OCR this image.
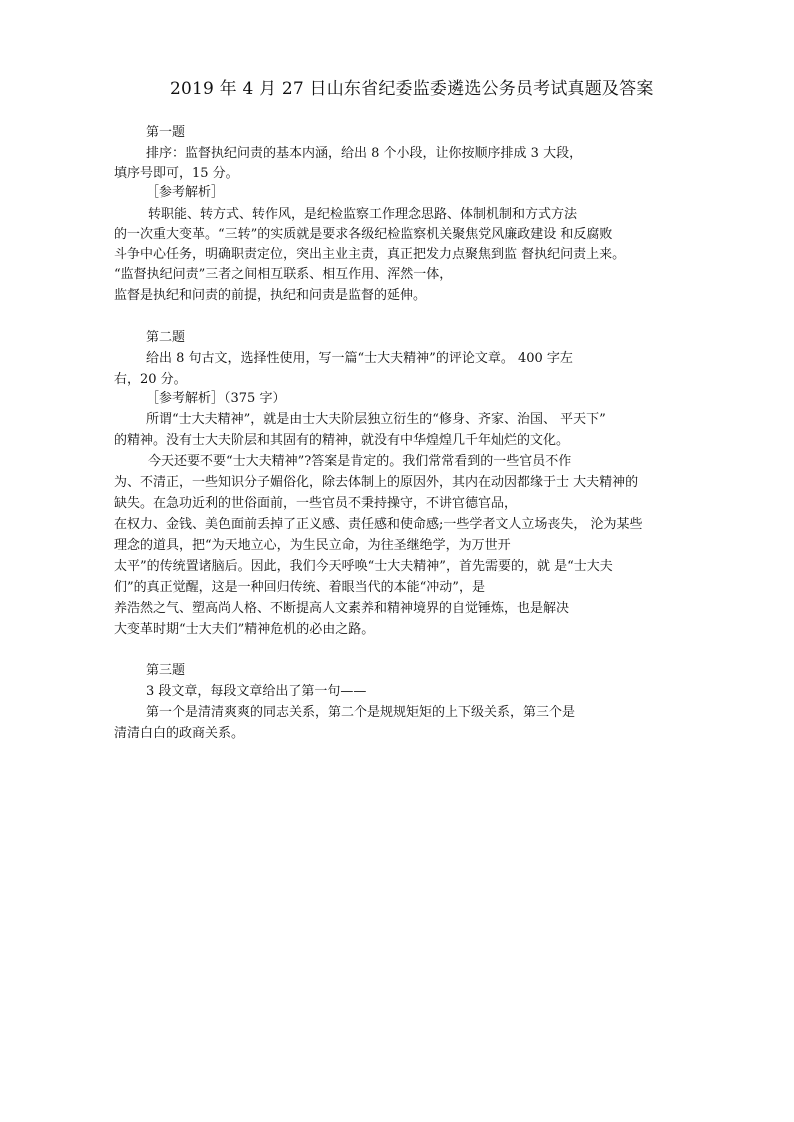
2019 年 4 月 27 日山东省纪委监委遴选公务员考试真题及答案
第一题
排序：监督执纪问责的基本内涵，给出 8 个小段，让你按顺序排成 3 大段，
填序号即可，15 分。
［参考解析］
转职能、转方式、转作风，是纪检监察工作理念思路、体制机制和方式方法
的一次重大变革。“三转”的实质就是要求各级纪检监察机关聚焦党风廉政建设 和反腐败
斗争中心任务，明确职责定位，突出主业主责，真正把发力点聚焦到监 督执纪问责上来。
“监督执纪问责”三者之间相互联系、相互作用、浑然一体，
监督是执纪和问责的前提，执纪和问责是监督的延伸。
第二题
给出 8 句古文，选择性使用，写一篇“士大夫精神”的评论文章。 400 字左
右，20 分。
［参考解析］（375 字）
所谓“士大夫精神”，就是由士大夫阶层独立衍生的“修身、齐家、治国、 平天下”
的精神。没有士大夫阶层和其固有的精神，就没有中华煌煌几千年灿烂的文化。
今天还要不要“士大夫精神”?答案是肯定的。我们常常看到的一些官员不作
为、不清正，一些知识分子媚俗化，除去体制上的原因外，其内在动因都缘于士 大夫精神的
缺失。在急功近利的世俗面前，一些官员不秉持操守，不讲官德官品，
在权力、金钱、美色面前丢掉了正义感、责任感和使命感;一些学者文人立场丧失， 沦为某些
理念的道具，把“为天地立心，为生民立命，为往圣继绝学，为万世开
太平”的传统置诸脑后。因此，我们今天呼唤“士大夫精神”，首先需要的，就 是“士大夫
们”的真正觉醒，这是一种回归传统、着眼当代的本能“冲动”，是
养浩然之气、塑高尚人格、不断提高人文素养和精神境界的自觉锤炼，也是解决
大变革时期“士大夫们”精神危机的必由之路。
第三题
3 段文章，每段文章给出了第一句——
第一个是清清爽爽的同志关系，第二个是规规矩矩的上下级关系，第三个是
清清白白的政商关系。
